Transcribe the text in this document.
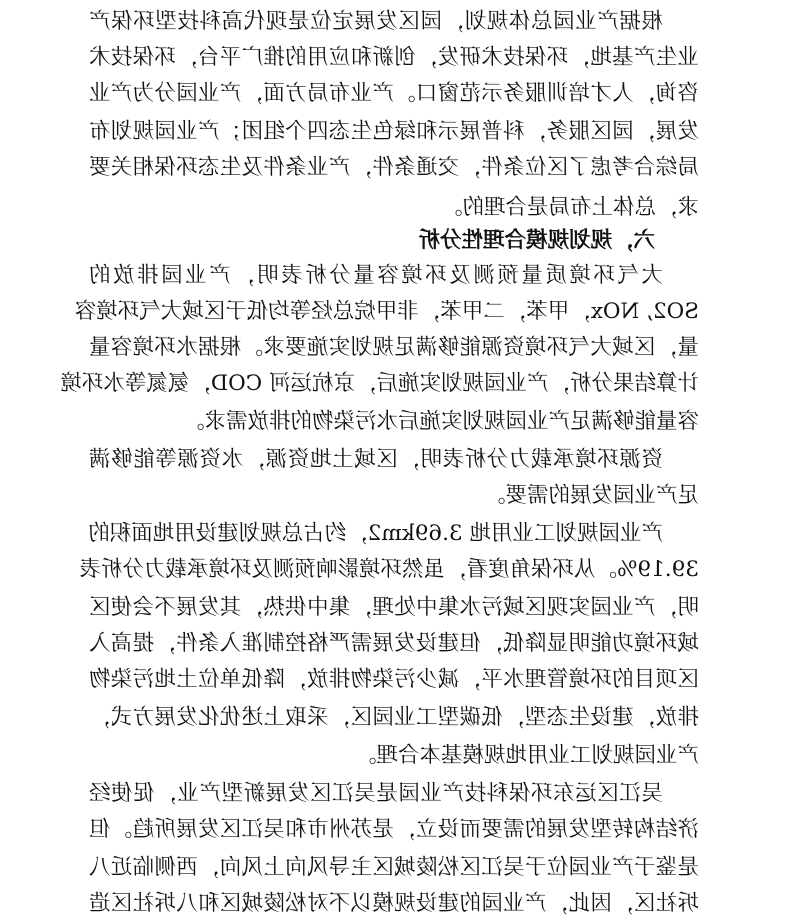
根据产业园总体规划，园区发展定位是现代高科技型环保产
业生产基地，环保技术研发，创新和应用的推广平台，环保技术
咨询，人才培训服务示范窗口。产业布局方面，产业园分为产业
发展，园区服务，科普展示和绿色生态四个组团；产业园规划布
局综合考虑了区位条件，交通条件，产业条件及生态环保相关要
求，总体上布局是合理的。
六，规划规模合理性分析
大气环境质量预测及环境容量分析表明，产业园排放的
SO2, NOx，甲苯，二甲苯，非甲烷总烃等均低于区域大气环境容
量，区域大气环境资源能够满足规划实施要求。根据水环境容量
计算结果分析，产业园规划实施后，京杭运河 COD，氨氮等水环境
容量能够满足产业园规划实施后水污染物的排放需求。
资源环境承载力分析表明，区域土地资源，水资源等能够满
足产业园发展的需要。
产业园规划工业用地 3.69km2，约占总规划建设用地面积的
39.19%。从环保角度看，虽然环境影响预测及环境承载力分析表
明，产业园实现区域污水集中处理，集中供热，其发展不会使区
域环境功能明显降低，但建设发展需严格控制准入条件，提高入
区项目的环境管理水平，减少污染物排放，降低单位土地污染物
排放，建设生态型，低碳型工业园区，采取上述优化发展方式，
产业园规划工业用地规模基本合理。
吴江区运东环保科技产业园是吴江区发展新型产业，促使经
济结构转型发展的需要而设立，是苏州市和吴江区发展所趋。但
是鉴于产业园位于吴江区松陵城区主导风向上风向，西侧临近八
坼社区，因此，产业园的建设规模以不对松陵城区和八坼社区造
